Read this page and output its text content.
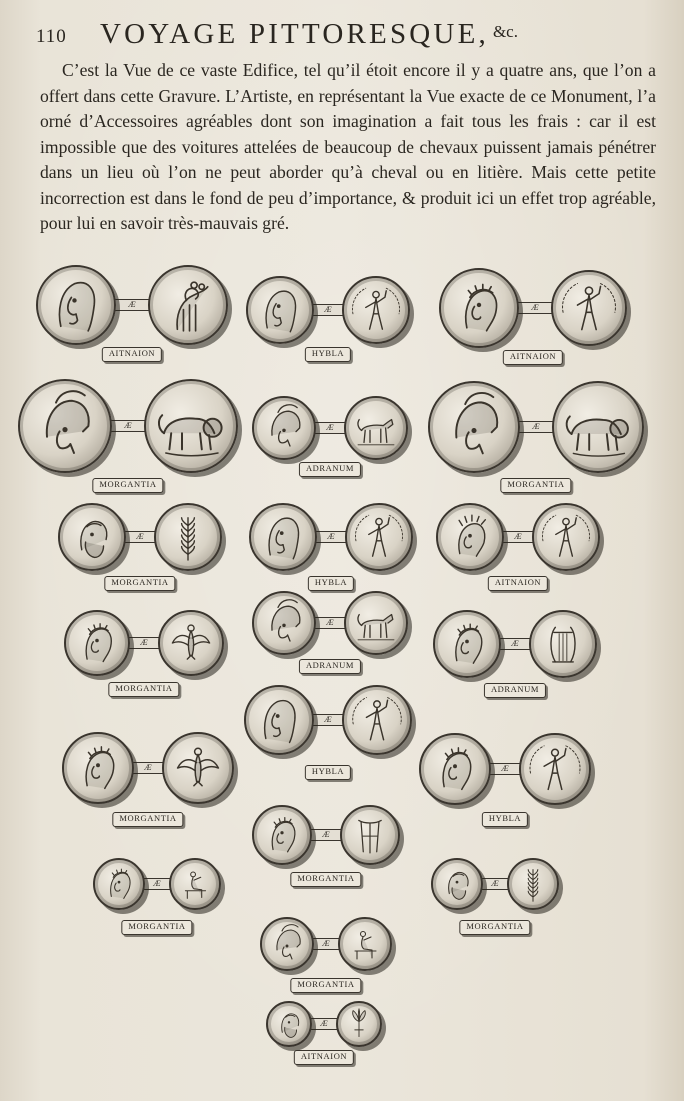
110 VOYAGE PITTORESQUE, $^{\&c.}$

C’est la Vue de ce vaste Edifice, tel qu’il étoit encore il y a quatre ans, que l’on a offert dans cette Gravure. L’Artiste, en représentant la Vue exacte de ce Monument, l’a orné d’Accessoires agréables dont son imagination a fait tous les frais : car il est impossible que des voitures attelées de beaucoup de chevaux puissent jamais pénétrer dans un lieu où l’on ne peut aborder qu’à cheval ou en litière. Mais cette petite incorrection est dans le fond de peu d’importance, & produit ici un effet trop agréable, pour lui en savoir très-mauvais gré.

Æ
AITNAION
Æ
HYBLA
Æ
AITNAION
Æ
MORGANTIA
Æ
ADRANUM
Æ
MORGANTIA
Æ
MORGANTIA
Æ
HYBLA
Æ
AITNAION
Æ
MORGANTIA
Æ
ADRANUM
Æ
ADRANUM
Æ
HYBLA
Æ
MORGANTIA
Æ
HYBLA
Æ
MORGANTIA
Æ
MORGANTIA
Æ
MORGANTIA
Æ
MORGANTIA
Æ
AITNAION
